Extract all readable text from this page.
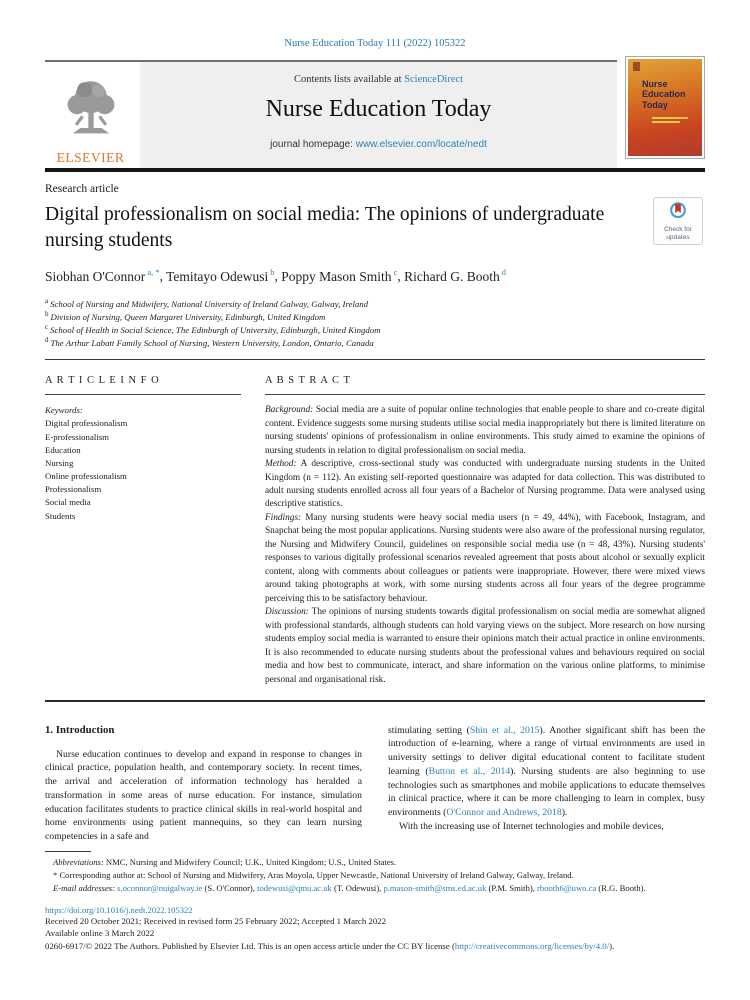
Nurse Education Today 111 (2022) 105322
ELSEVIER
Contents lists available at ScienceDirect
Nurse Education Today
journal homepage: www.elsevier.com/locate/nedt
Nurse
Education
Today
Research article
Digital professionalism on social media: The opinions of undergraduate nursing students
Check for
updates
Siobhan O'Connor $^{a, *}$, Temitayo Odewusi $^b$, Poppy Mason Smith $^c$, Richard G. Booth $^d$
$^a$ School of Nursing and Midwifery, National University of Ireland Galway, Galway, Ireland
$^b$ Division of Nursing, Queen Margaret University, Edinburgh, United Kingdom
$^c$ School of Health in Social Science, The Edinburgh of University, Edinburgh, United Kingdom
$^d$ The Arthur Labatt Family School of Nursing, Western University, London, Ontario, Canada
A R T I C L E I N F O
Keywords:
Digital professionalism
E-professionalism
Education
Nursing
Online professionalism
Professionalism
Social media
Students
A B S T R A C T

Background: Social media are a suite of popular online technologies that enable people to share and co-create digital content. Evidence suggests some nursing students utilise social media inappropriately but there is limited literature on nursing students' opinions of professionalism in online environments. This study aimed to examine the opinions of nursing students in relation to digital professionalism on social media.

Method: A descriptive, cross-sectional study was conducted with undergraduate nursing students in the United Kingdom (n = 112). An existing self-reported questionnaire was adapted for data collection. This was distributed to adult nursing students enrolled across all four years of a Bachelor of Nursing programme. Data were analysed using descriptive statistics.

Findings: Many nursing students were heavy social media users (n = 49, 44%), with Facebook, Instagram, and Snapchat being the most popular applications. Nursing students were also aware of the professional nursing regulator, the Nursing and Midwifery Council, guidelines on responsible social media use (n = 48, 43%). Nursing students' responses to various digitally professional scenarios revealed agreement that posts about alcohol or sexually explicit content, along with comments about colleagues or patients were inappropriate. However, there were mixed views around taking photographs at work, with some nursing students across all four years of the degree programme perceiving this to be satisfactory behaviour.

Discussion: The opinions of nursing students towards digital professionalism on social media are somewhat aligned with professional standards, although students can hold varying views on the subject. More research on how nursing students employ social media is warranted to ensure their opinions match their actual practice in online environments. It is also recommended to educate nursing students about the professional values and behaviours required on social media and how best to communicate, interact, and share information on the various online platforms, to minimise personal and organisational risk.

1. Introduction

Nurse education continues to develop and expand in response to changes in clinical practice, population health, and contemporary society. In recent times, the arrival and acceleration of information technology has heralded a transformation in some areas of nurse education. For instance, simulation education facilitates students to practice clinical skills in real-world hospital and home environments using patient mannequins, so they can learn nursing competencies in a safe and

stimulating setting (Shin et al., 2015). Another significant shift has been the introduction of e-learning, where a range of virtual environments are used in university settings to deliver digital educational content to facilitate student learning (Button et al., 2014). Nursing students are also beginning to use technologies such as smartphones and mobile applications to educate themselves in clinical practice, where it can be more challenging to learn in complex, busy environments (O'Connor and Andrews, 2018).

With the increasing use of Internet technologies and mobile devices,

Abbreviations: NMC, Nursing and Midwifery Council; U.K., United Kingdom; U.S., United States.

* Corresponding author at: School of Nursing and Midwifery, Aras Moyola, Upper Newcastle, National University of Ireland Galway, Galway, Ireland.

E-mail addresses: s.oconnor@nuigalway.ie (S. O'Connor), todewusi@qmu.ac.uk (T. Odewusi), p.mason-smith@sms.ed.ac.uk (P.M. Smith), rbooth6@uwo.ca (R.G. Booth).

https://doi.org/10.1016/j.nedt.2022.105322
Received 20 October 2021; Received in revised form 25 February 2022; Accepted 1 March 2022
Available online 3 March 2022
0260-6917/© 2022 The Authors. Published by Elsevier Ltd. This is an open access article under the CC BY license (http://creativecommons.org/licenses/by/4.0/).
